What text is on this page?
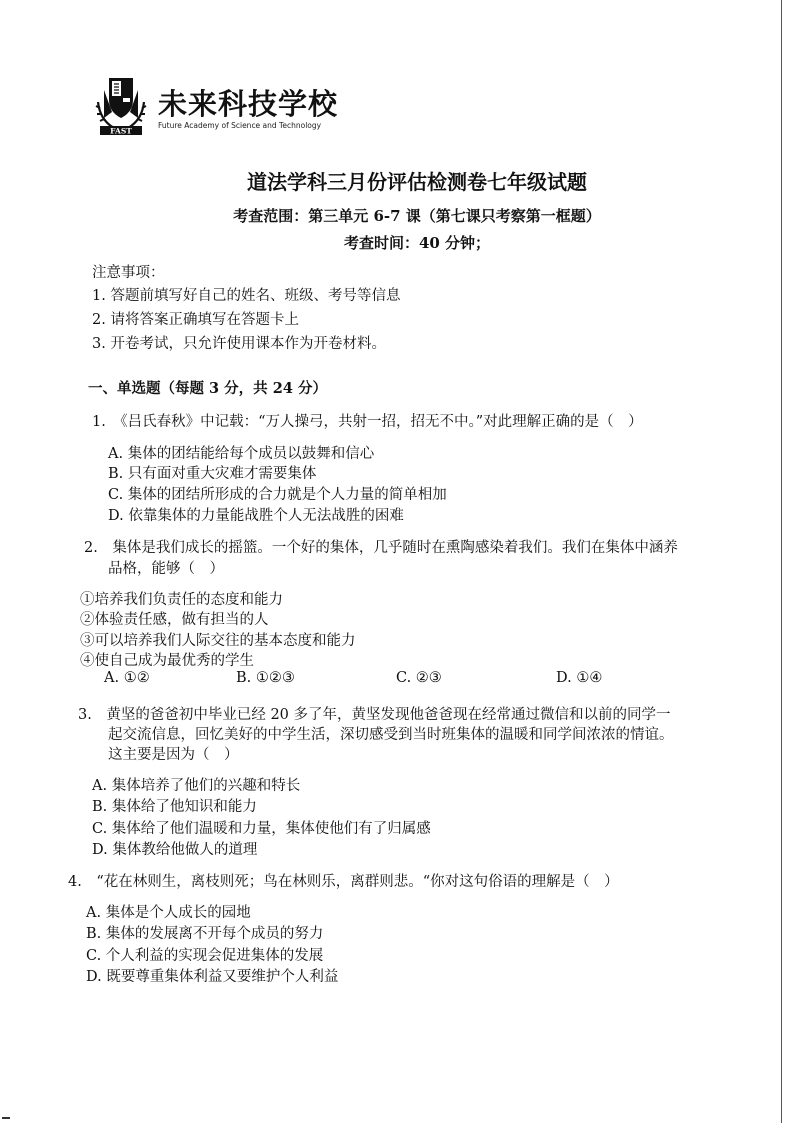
FAST
未来科技学校
Future Academy of Science and Technology
道法学科三月份评估检测卷七年级试题
考查范围：第三单元 6-7 课（第七课只考察第一框题）
考查时间：40 分钟；
注意事项：
1. 答题前填写好自己的姓名、班级、考号等信息
2. 请将答案正确填写在答题卡上
3. 开卷考试，只允许使用课本作为开卷材料。
一、单选题（每题 3 分，共 24 分）
1.　《吕氏春秋》中记载：“万人操弓，共射一招，招无不中。”对此理解正确的是（　）
A. 集体的团结能给每个成员以鼓舞和信心
B. 只有面对重大灾难才需要集体
C. 集体的团结所形成的合力就是个人力量的简单相加
D. 依靠集体的力量能战胜个人无法战胜的困难
2.　集体是我们成长的摇篮。一个好的集体，几乎随时在熏陶感染着我们。我们在集体中涵养
品格，能够（　）
①培养我们负责任的态度和能力
②体验责任感，做有担当的人
③可以培养我们人际交往的基本态度和能力
④使自己成为最优秀的学生
A. ①②	B. ①②③	C. ②③	D. ①④
3.　黄坚的爸爸初中毕业已经 20 多了年，黄坚发现他爸爸现在经常通过微信和以前的同学一
起交流信息，回忆美好的中学生活，深切感受到当时班集体的温暖和同学间浓浓的情谊。
这主要是因为（　）
A. 集体培养了他们的兴趣和特长
B. 集体给了他知识和能力
C. 集体给了他们温暖和力量，集体使他们有了归属感
D. 集体教给他做人的道理
4.　“花在林则生，离枝则死；鸟在林则乐，离群则悲。“你对这句俗语的理解是（　）
A. 集体是个人成长的园地
B. 集体的发展离不开每个成员的努力
C. 个人利益的实现会促进集体的发展
D. 既要尊重集体利益又要维护个人利益
